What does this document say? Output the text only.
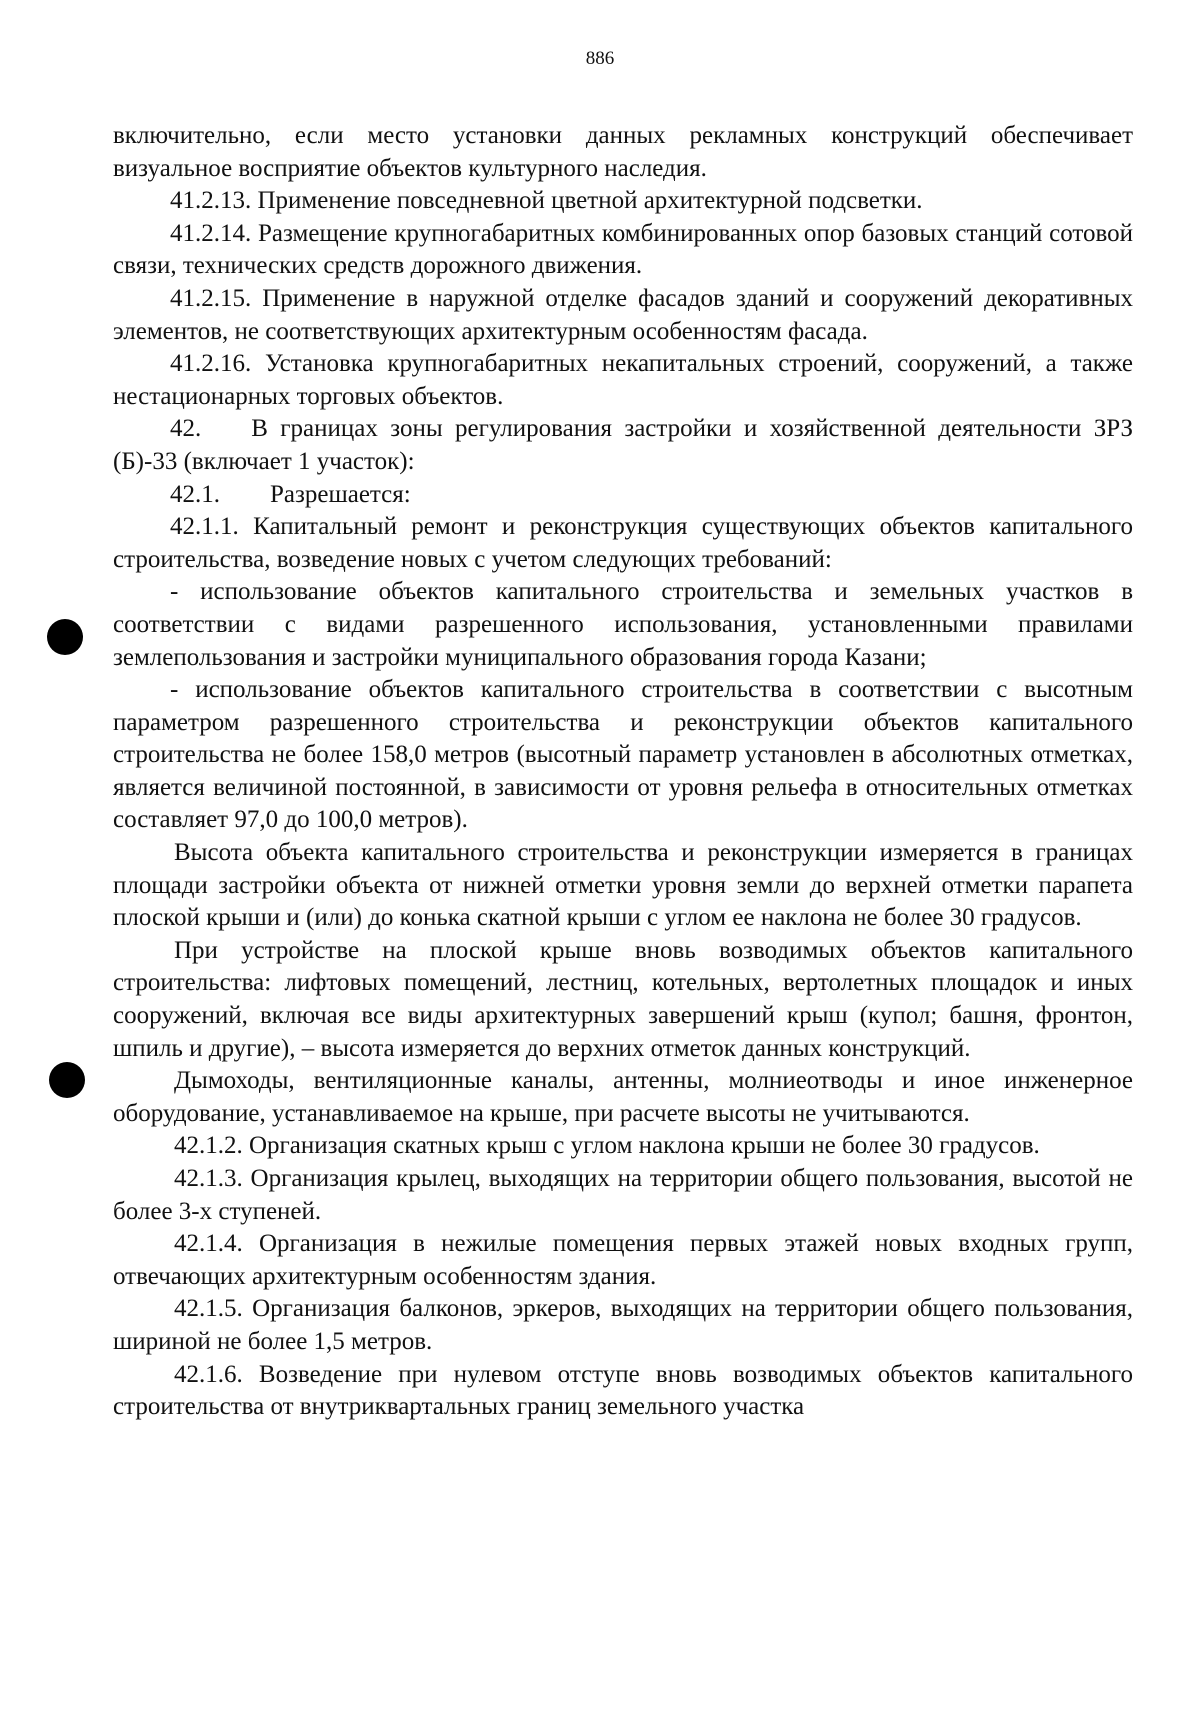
886

включительно, если место установки данных рекламных конструкций обеспечивает визуальное восприятие объектов культурного наследия.

41.2.13. Применение повседневной цветной архитектурной подсветки.

41.2.14. Размещение крупногабаритных комбинированных опор базовых станций сотовой связи, технических средств дорожного движения.

41.2.15. Применение в наружной отделке фасадов зданий и сооружений декоративных элементов, не соответствующих архитектурным особенностям фасада.

41.2.16. Установка крупногабаритных некапитальных строений, сооружений, а также нестационарных торговых объектов.

42.  В границах зоны регулирования застройки и хозяйственной деятельности ЗРЗ (Б)-33 (включает 1 участок):

42.1.  Разрешается:

42.1.1. Капитальный ремонт и реконструкция существующих объектов капитального строительства, возведение новых с учетом следующих требований:

- использование объектов капитального строительства и земельных участков в соответствии с видами разрешенного использования, установленными правилами землепользования и застройки муниципального образования города Казани;

- использование объектов капитального строительства в соответствии с высотным параметром разрешенного строительства и реконструкции объектов капитального строительства не более 158,0 метров (высотный параметр установлен в абсолютных отметках, является величиной постоянной, в зависимости от уровня рельефа в относительных отметках составляет 97,0 до 100,0 метров).

Высота объекта капитального строительства и реконструкции измеряется в границах площади застройки объекта от нижней отметки уровня земли до верхней отметки парапета плоской крыши и (или) до конька скатной крыши с углом ее наклона не более 30 градусов.

При устройстве на плоской крыше вновь возводимых объектов капитального строительства: лифтовых помещений, лестниц, котельных, вертолетных площадок и иных сооружений, включая все виды архитектурных завершений крыш (купол; башня, фронтон, шпиль и другие), – высота измеряется до верхних отметок данных конструкций.

Дымоходы, вентиляционные каналы, антенны, молниеотводы и иное инженерное оборудование, устанавливаемое на крыше, при расчете высоты не учитываются.

42.1.2. Организация скатных крыш с углом наклона крыши не более 30 градусов.

42.1.3. Организация крылец, выходящих на территории общего пользования, высотой не более 3-х ступеней.

42.1.4. Организация в нежилые помещения первых этажей новых входных групп, отвечающих архитектурным особенностям здания.

42.1.5. Организация балконов, эркеров, выходящих на территории общего пользования, шириной не более 1,5 метров.

42.1.6. Возведение при нулевом отступе вновь возводимых объектов капитального строительства от внутриквартальных границ земельного участка
